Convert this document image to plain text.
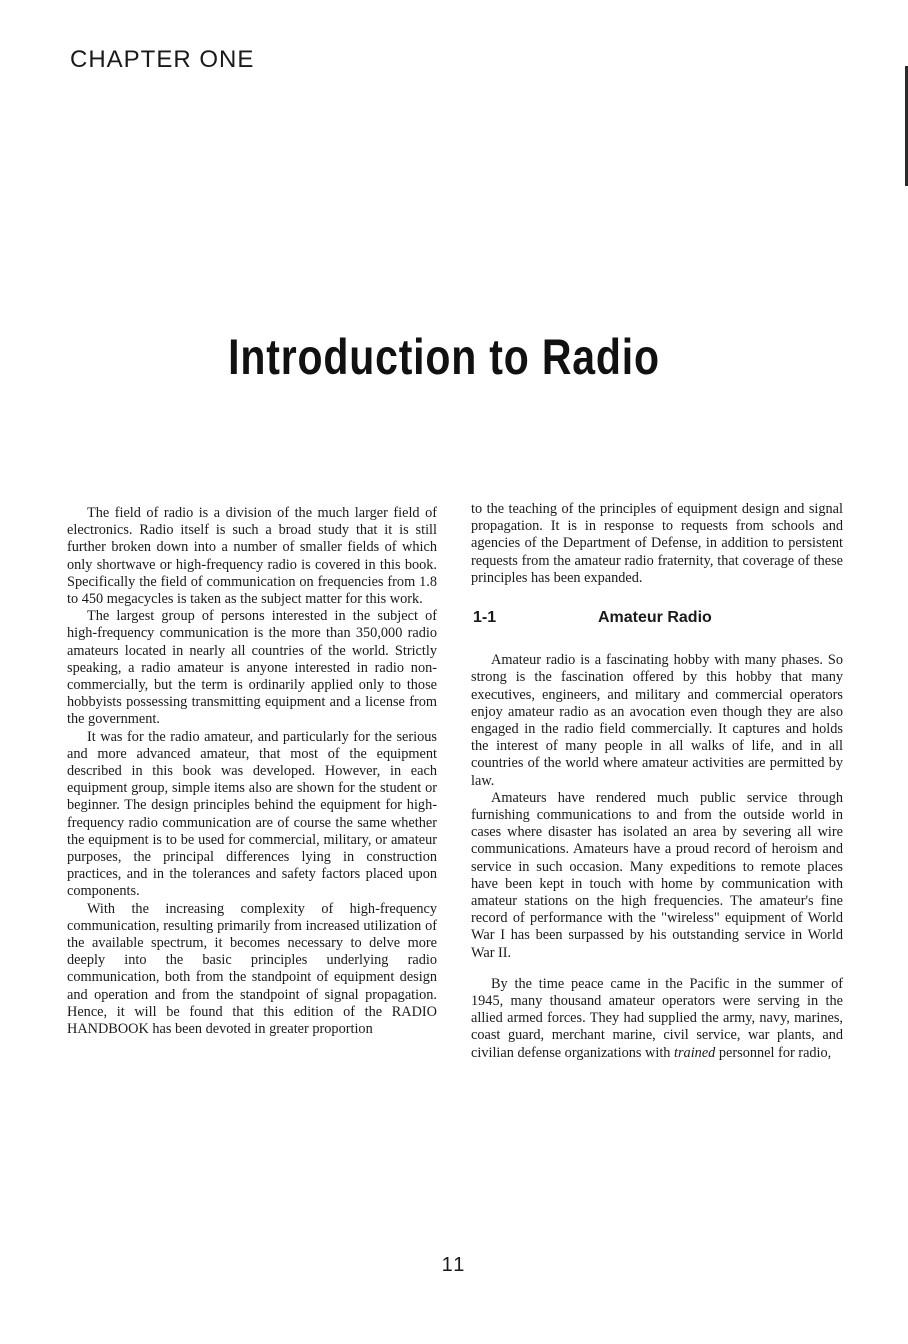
CHAPTER ONE
Introduction to Radio

The field of radio is a division of the much larger field of electronics. Radio itself is such a broad study that it is still further broken down into a number of smaller fields of which only shortwave or high-frequency radio is covered in this book. Specifically the field of communication on frequencies from 1.8 to 450 megacycles is taken as the subject matter for this work.

The largest group of persons interested in the subject of high-frequency communication is the more than 350,000 radio amateurs located in nearly all countries of the world. Strictly speaking, a radio amateur is anyone interested in radio non-commercially, but the term is ordinarily applied only to those hobbyists possessing transmitting equipment and a license from the government.

It was for the radio amateur, and particularly for the serious and more advanced amateur, that most of the equipment described in this book was developed. However, in each equipment group, simple items also are shown for the student or beginner. The design principles behind the equipment for high-frequency radio communication are of course the same whether the equipment is to be used for commercial, military, or amateur purposes, the principal differences lying in construction practices, and in the tolerances and safety factors placed upon components.

With the increasing complexity of high-frequency communication, resulting primarily from increased utilization of the available spectrum, it becomes necessary to delve more deeply into the basic principles underlying radio communication, both from the standpoint of equipment design and operation and from the standpoint of signal propagation. Hence, it will be found that this edition of the RADIO HANDBOOK has been devoted in greater proportion

to the teaching of the principles of equipment design and signal propagation. It is in response to requests from schools and agencies of the Department of Defense, in addition to persistent requests from the amateur radio fraternity, that coverage of these principles has been expanded.

1-1	Amateur Radio

Amateur radio is a fascinating hobby with many phases. So strong is the fascination offered by this hobby that many executives, engineers, and military and commercial operators enjoy amateur radio as an avocation even though they are also engaged in the radio field commercially. It captures and holds the interest of many people in all walks of life, and in all countries of the world where amateur activities are permitted by law.

Amateurs have rendered much public service through furnishing communications to and from the outside world in cases where disaster has isolated an area by severing all wire communications. Amateurs have a proud record of heroism and service in such occasion. Many expeditions to remote places have been kept in touch with home by communication with amateur stations on the high frequencies. The amateur's fine record of performance with the "wireless" equipment of World War I has been surpassed by his outstanding service in World War II.

By the time peace came in the Pacific in the summer of 1945, many thousand amateur operators were serving in the allied armed forces. They had supplied the army, navy, marines, coast guard, merchant marine, civil service, war plants, and civilian defense organizations with trained personnel for radio,

11
